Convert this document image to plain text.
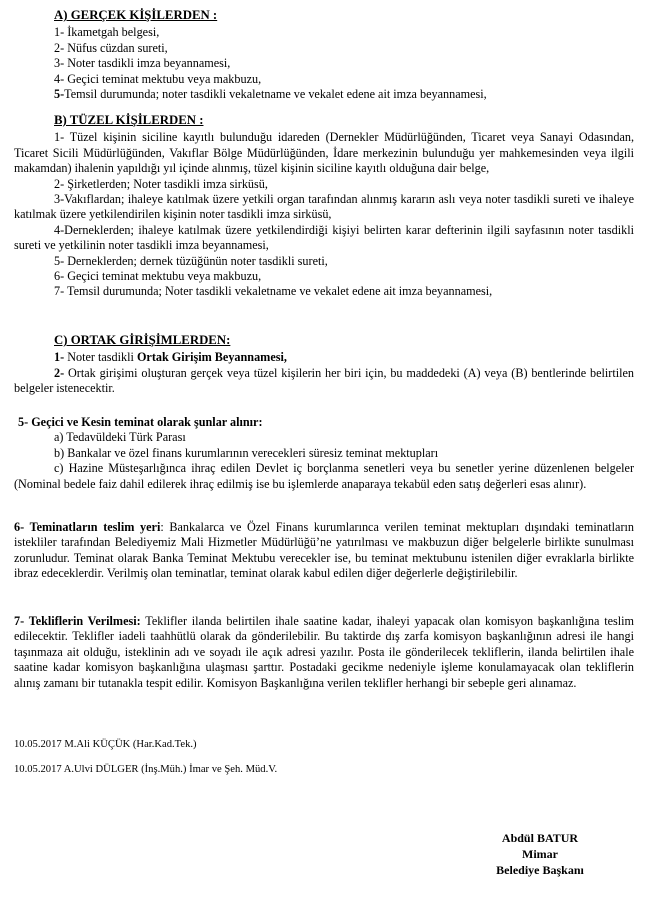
A) GERÇEK KİŞİLERDEN :

1- İkametgah belgesi,

2- Nüfus cüzdan sureti,

3- Noter tasdikli imza beyannamesi,

4- Geçici teminat mektubu veya makbuzu,

5-Temsil durumunda; noter tasdikli vekaletname ve vekalet edene ait imza beyannamesi,

B) TÜZEL KİŞİLERDEN :

1- Tüzel kişinin siciline kayıtlı bulunduğu idareden (Dernekler Müdürlüğünden, Ticaret veya Sanayi Odasından, Ticaret Sicili Müdürlüğünden, Vakıflar Bölge Müdürlüğünden, İdare merkezinin bulunduğu yer mahkemesinden veya ilgili makamdan) ihalenin yapıldığı yıl içinde alınmış, tüzel kişinin siciline kayıtlı olduğuna dair belge,

2- Şirketlerden; Noter tasdikli imza sirküsü,

3-Vakıflardan; ihaleye katılmak üzere yetkili organ tarafından alınmış kararın aslı veya noter tasdikli sureti ve ihaleye katılmak üzere yetkilendirilen kişinin noter tasdikli imza sirküsü,

4-Derneklerden; ihaleye katılmak üzere yetkilendirdiği kişiyi belirten karar defterinin ilgili sayfasının noter tasdikli sureti ve yetkilinin noter tasdikli imza beyannamesi,

5- Derneklerden; dernek tüzüğünün noter tasdikli sureti,

6- Geçici teminat mektubu veya makbuzu,

7- Temsil durumunda; Noter tasdikli vekaletname ve vekalet edene ait imza beyannamesi,

C) ORTAK GİRİŞİMLERDEN:

1- Noter tasdikli Ortak Girişim Beyannamesi,

2- Ortak girişimi oluşturan gerçek veya tüzel kişilerin her biri için, bu maddedeki (A) veya (B) bentlerinde belirtilen belgeler istenecektir.

5- Geçici ve Kesin teminat olarak şunlar alınır:

a) Tedavüldeki Türk Parası

b) Bankalar ve özel finans kurumlarının verecekleri süresiz teminat mektupları

c) Hazine Müsteşarlığınca ihraç edilen Devlet iç borçlanma senetleri veya bu senetler yerine düzenlenen belgeler (Nominal bedele faiz dahil edilerek ihraç edilmiş ise bu işlemlerde anaparaya tekabül eden satış değerleri esas alınır).

6- Teminatların teslim yeri: Bankalarca ve Özel Finans kurumlarınca verilen teminat mektupları dışındaki teminatların istekliler tarafından Belediyemiz Mali Hizmetler Müdürlüğü’ne yatırılması ve makbuzun diğer belgelerle birlikte sunulması zorunludur. Teminat olarak Banka Teminat Mektubu verecekler ise, bu teminat mektubunu istenilen diğer evraklarla birlikte ibraz edeceklerdir. Verilmiş olan teminatlar, teminat olarak kabul edilen diğer değerlerle değiştirilebilir.

7- Tekliflerin Verilmesi: Teklifler ilanda belirtilen ihale saatine kadar, ihaleyi yapacak olan komisyon başkanlığına teslim edilecektir. Teklifler iadeli taahhütlü olarak da gönderilebilir. Bu taktirde dış zarfa komisyon başkanlığının adresi ile hangi taşınmaza ait olduğu, isteklinin adı ve soyadı ile açık adresi yazılır. Posta ile gönderilecek tekliflerin, ilanda belirtilen ihale saatine kadar komisyon başkanlığına ulaşması şarttır. Postadaki gecikme nedeniyle işleme konulamayacak olan tekliflerin alınış zamanı bir tutanakla tespit edilir. Komisyon Başkanlığına verilen teklifler herhangi bir sebeple geri alınamaz.

10.05.2017 M.Ali KÜÇÜK (Har.Kad.Tek.)
10.05.2017 A.Ulvi DÜLGER (İnş.Müh.) İmar ve Şeh. Müd.V.
Abdül BATUR
Mimar
Belediye Başkanı
